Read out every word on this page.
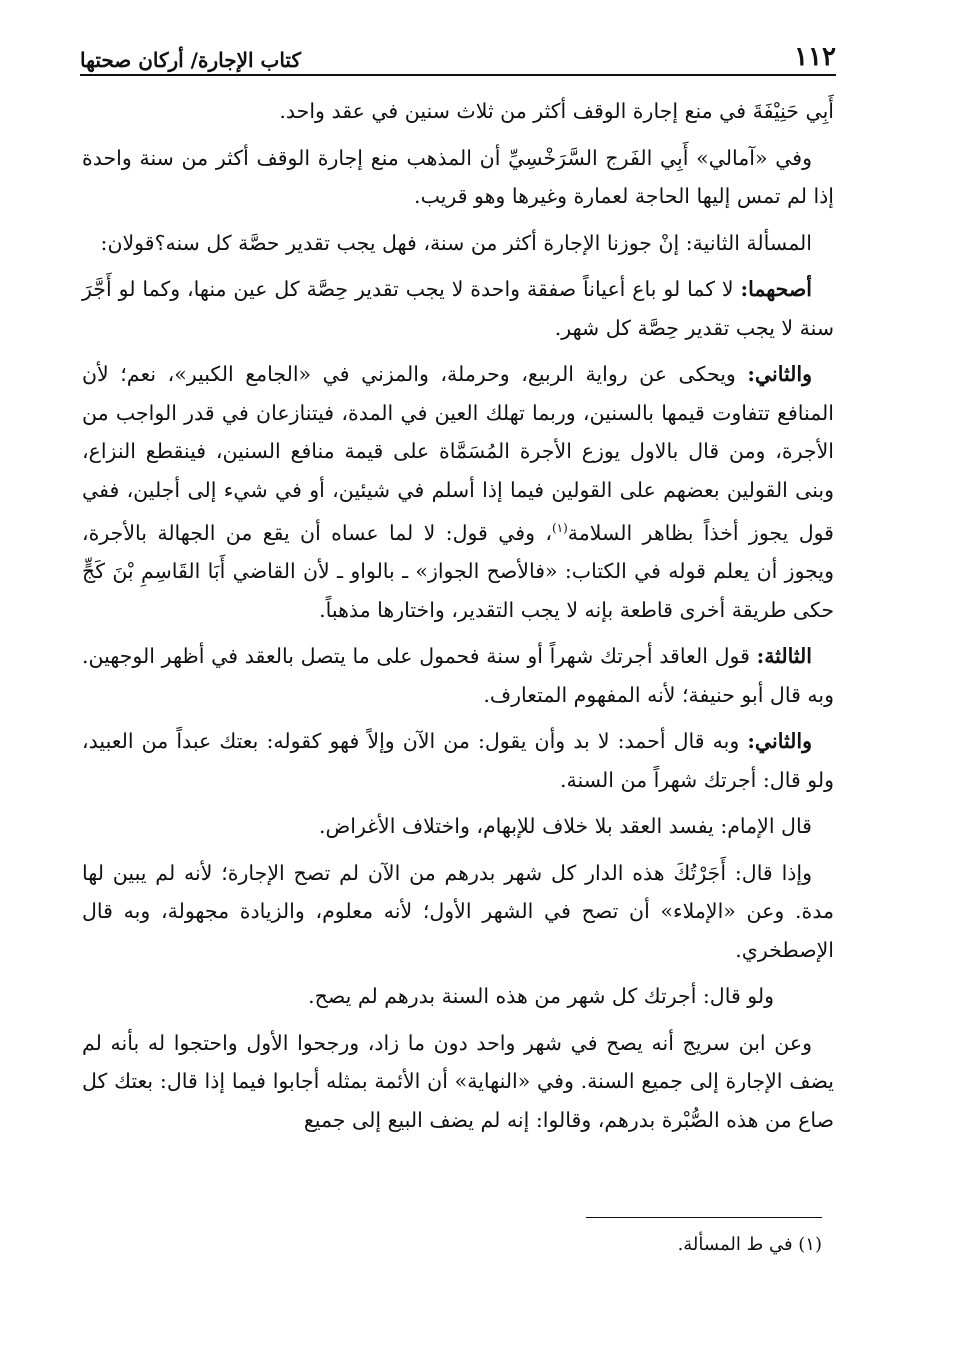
١١٢
كتاب الإجارة/ أركان صحتها

أَبِي حَنِيْفَةَ في منع إجارة الوقف أكثر من ثلاث سنين في عقد واحد.

وفي «آمالي» أَبِي الفَرج السَّرَخْسِيِّ أن المذهب منع إجارة الوقف أكثر من سنة واحدة إذا لم تمس إليها الحاجة لعمارة وغيرها وهو قريب.

المسألة الثانية: إنْ جوزنا الإجارة أكثر من سنة، فهل يجب تقدير حصَّة كل سنه؟قولان:

أصحهما: لا كما لو باع أعياناً صفقة واحدة لا يجب تقدير حِصَّة كل عين منها، وكما لو أَجَّرَ سنة لا يجب تقدير حِصَّة كل شهر.

والثاني: ويحكى عن رواية الربيع، وحرملة، والمزني في «الجامع الكبير»، نعم؛ لأن المنافع تتفاوت قيمها بالسنين، وربما تهلك العين في المدة، فيتنازعان في قدر الواجب من الأجرة، ومن قال بالاول يوزع الأجرة المُسَمَّاة على قيمة منافع السنين، فينقطع النزاع، وبنى القولين بعضهم على القولين فيما إذا أسلم في شيئين، أو في شيء إلى أجلين، ففي قول يجوز أخذاً بظاهر السلامة$^{(١)}$، وفي قول: لا لما عساه أن يقع من الجهالة بالأجرة، ويجوز أن يعلم قوله في الكتاب: «فالأصح الجواز» ـ بالواو ـ لأن القاضي أَبَا القَاسِمِ بْنَ كَجٍّ حكى طريقة أخرى قاطعة بإنه لا يجب التقدير، واختارها مذهباً.

الثالثة: قول العاقد أجرتك شهراً أو سنة فحمول على ما يتصل بالعقد في أظهر الوجهين. وبه قال أبو حنيفة؛ لأنه المفهوم المتعارف.

والثاني: وبه قال أحمد: لا بد وأن يقول: من الآن وإلاً فهو كقوله: بعتك عبداً من العبيد، ولو قال: أجرتك شهراً من السنة.

قال الإمام: يفسد العقد بلا خلاف للإبهام، واختلاف الأغراض.

وإذا قال: أَجَرْتُكَ هذه الدار كل شهر بدرهم من الآن لم تصح الإجارة؛ لأنه لم يبين لها مدة. وعن «الإملاء» أن تصح في الشهر الأول؛ لأنه معلوم، والزيادة مجهولة، وبه قال الإصطخري.

ولو قال: أجرتك كل شهر من هذه السنة بدرهم لم يصح.

وعن ابن سريج أنه يصح في شهر واحد دون ما زاد، ورجحوا الأول واحتجوا له بأنه لم يضف الإجارة إلى جميع السنة. وفي «النهاية» أن الأئمة بمثله أجابوا فيما إذا قال: بعتك كل صاع من هذه الصُّبْرة بدرهم، وقالوا: إنه لم يضف البيع إلى جميع

(١) في ط المسألة.
